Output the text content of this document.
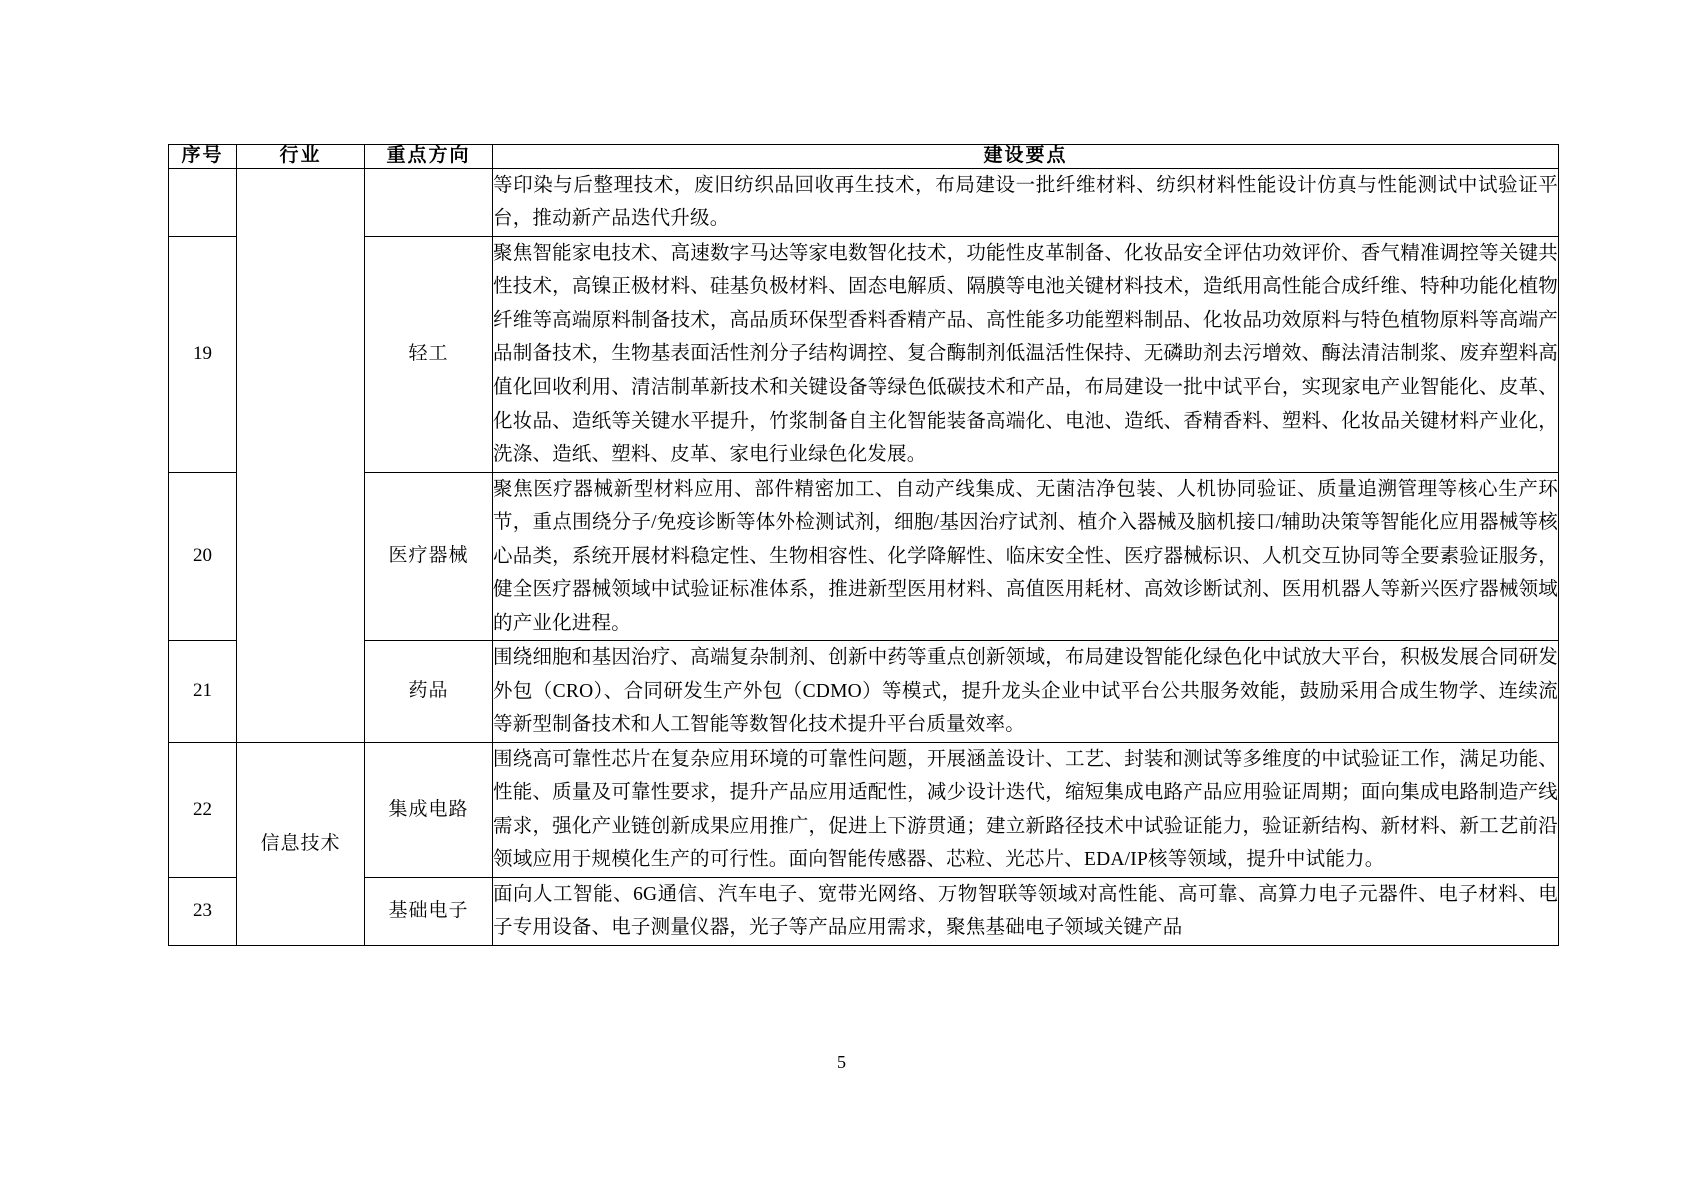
序号	行业	重点方向	建设要点
			等印染与后整理技术，废旧纺织品回收再生技术，布局建设一批纤维材料、纺织材料性能设计仿真与性能测试中试验证平台，推动新产品迭代升级。
19		轻工	聚焦智能家电技术、高速数字马达等家电数智化技术，功能性皮革制备、化妆品安全评估功效评价、香气精准调控等关键共性技术，高镍正极材料、硅基负极材料、固态电解质、隔膜等电池关键材料技术，造纸用高性能合成纤维、特种功能化植物纤维等高端原料制备技术，高品质环保型香料香精产品、高性能多功能塑料制品、化妆品功效原料与特色植物原料等高端产品制备技术，生物基表面活性剂分子结构调控、复合酶制剂低温活性保持、无磷助剂去污增效、酶法清洁制浆、废弃塑料高值化回收利用、清洁制革新技术和关键设备等绿色低碳技术和产品，布局建设一批中试平台，实现家电产业智能化、皮革、化妆品、造纸等关键水平提升，竹浆制备自主化智能装备高端化、电池、造纸、香精香料、塑料、化妆品关键材料产业化，洗涤、造纸、塑料、皮革、家电行业绿色化发展。
20		医疗器械	聚焦医疗器械新型材料应用、部件精密加工、自动产线集成、无菌洁净包装、人机协同验证、质量追溯管理等核心生产环节，重点围绕分子/免疫诊断等体外检测试剂，细胞/基因治疗试剂、植介入器械及脑机接口/辅助决策等智能化应用器械等核心品类，系统开展材料稳定性、生物相容性、化学降解性、临床安全性、医疗器械标识、人机交互协同等全要素验证服务，健全医疗器械领域中试验证标准体系，推进新型医用材料、高值医用耗材、高效诊断试剂、医用机器人等新兴医疗器械领域的产业化进程。
21		药品	围绕细胞和基因治疗、高端复杂制剂、创新中药等重点创新领域，布局建设智能化绿色化中试放大平台，积极发展合同研发外包（CRO）、合同研发生产外包（CDMO）等模式，提升龙头企业中试平台公共服务效能，鼓励采用合成生物学、连续流等新型制备技术和人工智能等数智化技术提升平台质量效率。
22	信息技术	集成电路	围绕高可靠性芯片在复杂应用环境的可靠性问题，开展涵盖设计、工艺、封装和测试等多维度的中试验证工作，满足功能、性能、质量及可靠性要求，提升产品应用适配性，减少设计迭代，缩短集成电路产品应用验证周期；面向集成电路制造产线需求，强化产业链创新成果应用推广，促进上下游贯通；建立新路径技术中试验证能力，验证新结构、新材料、新工艺前沿领域应用于规模化生产的可行性。面向智能传感器、芯粒、光芯片、EDA/IP核等领域，提升中试能力。
23		基础电子	面向人工智能、6G通信、汽车电子、宽带光网络、万物智联等领域对高性能、高可靠、高算力电子元器件、电子材料、电子专用设备、电子测量仪器，光子等产品应用需求，聚焦基础电子领域关键产品
5
